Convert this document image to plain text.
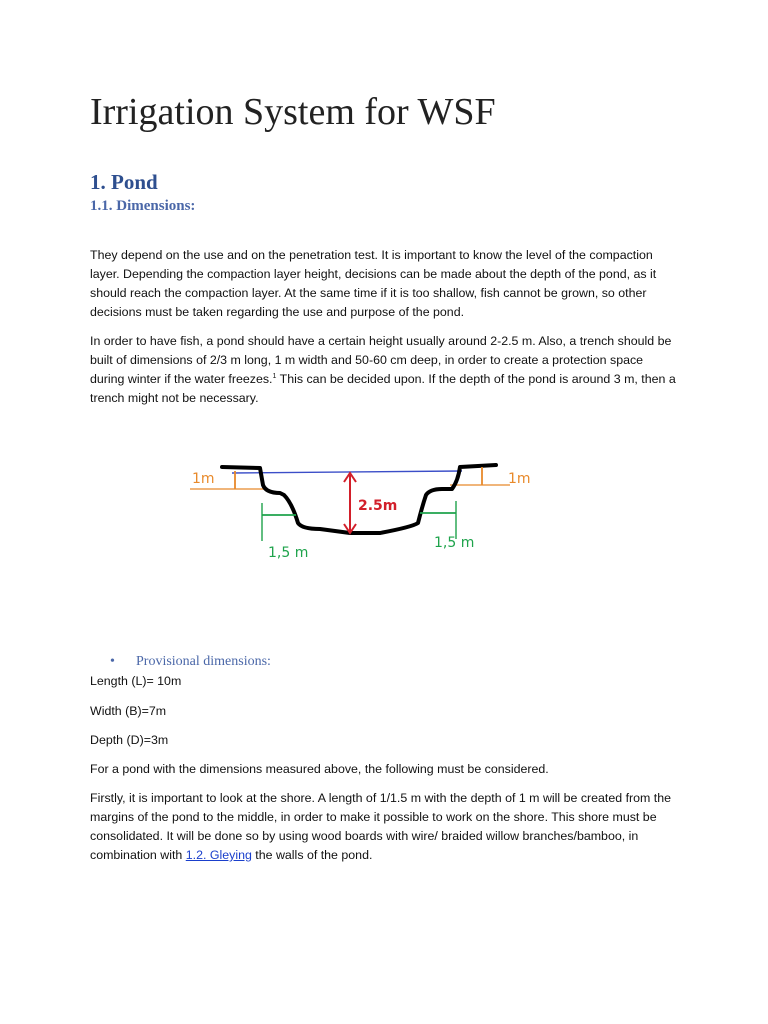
Irrigation System for WSF
1. Pond
1.1. Dimensions:

They depend on the use and on the penetration test. It is important to know the level of the compaction layer. Depending the compaction layer height, decisions can be made about the depth of the pond, as it should reach the compaction layer. At the same time if it is too shallow, fish cannot be grown, so other decisions must be taken regarding the use and purpose of the pond.

In order to have fish, a pond should have a certain height usually around 2-2.5 m. Also, a trench should be built of dimensions of 2/3 m long, 1 m width and 50-60 cm deep, in order to create a protection space during winter if the water freezes.$^1$ This can be decided upon. If the depth of the pond is around 3 m, then a trench might not be necessary.

1m	1m
2.5m
1,5 m
1,5 m
• Provisional dimensions:
Length (L)= 10m
Width (B)=7m
Depth (D)=3m
For a pond with the dimensions measured above, the following must be considered.

Firstly, it is important to look at the shore. A length of 1/1.5 m with the depth of 1 m will be created from the margins of the pond to the middle, in order to make it possible to work on the shore. This shore must be consolidated. It will be done so by using wood boards with wire/ braided willow branches/bamboo, in combination with 1.2. Gleying the walls of the pond.
